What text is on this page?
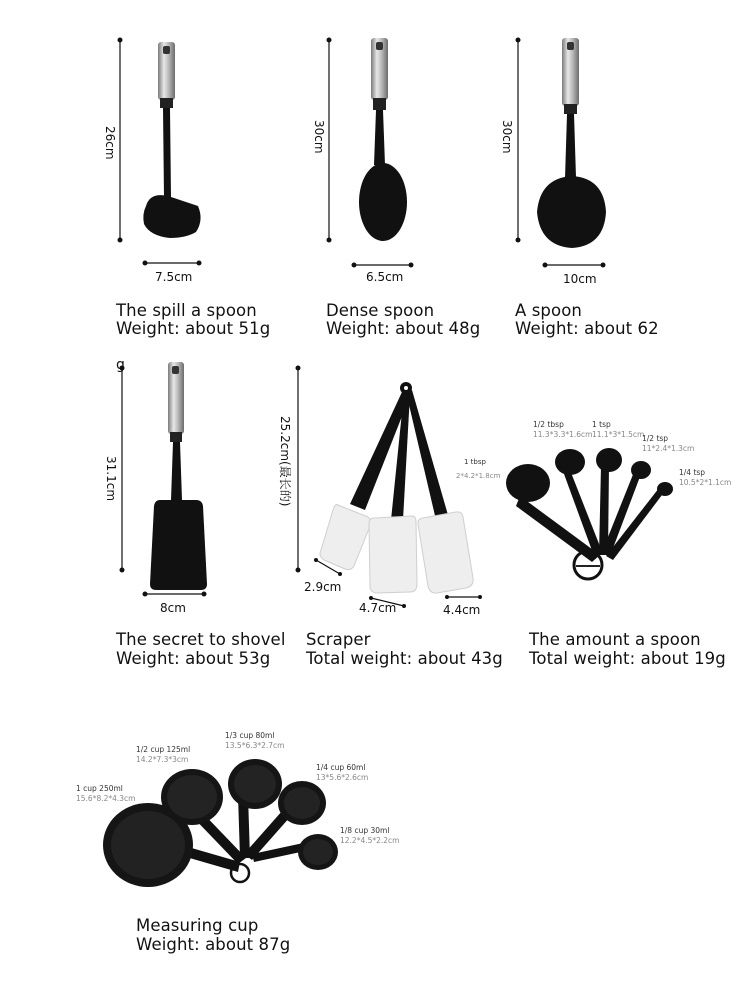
26cm
7.5cm
The spill a spoon
Weight: about 51g
30cm
6.5cm
Dense spoon
Weight: about 48g
30cm
10cm
A spoon
Weight: about 62
g
31.1cm
8cm
The secret to shovel
Weight: about 53g
25.2cm(最长的)
2.9cm
4.7cm	4.4cm
1 tbsp
2*4.2*1.8cm
Scraper
Total weight: about 43g
1/2 tbsp
11.3*3.3*1.6cm
1 tsp
11.1*3*1.5cm
1/2 tsp
11*2.4*1.3cm
1/4 tsp
10.5*2*1.1cm
The amount a spoon
Total weight: about 19g
1 cup 250ml
15.6*8.2*4.3cm
1/2 cup 125ml
14.2*7.3*3cm
1/3 cup 80ml
13.5*6.3*2.7cm
1/4 cup 60ml
13*5.6*2.6cm
1/8 cup 30ml
12.2*4.5*2.2cm
Measuring cup
Weight: about 87g
